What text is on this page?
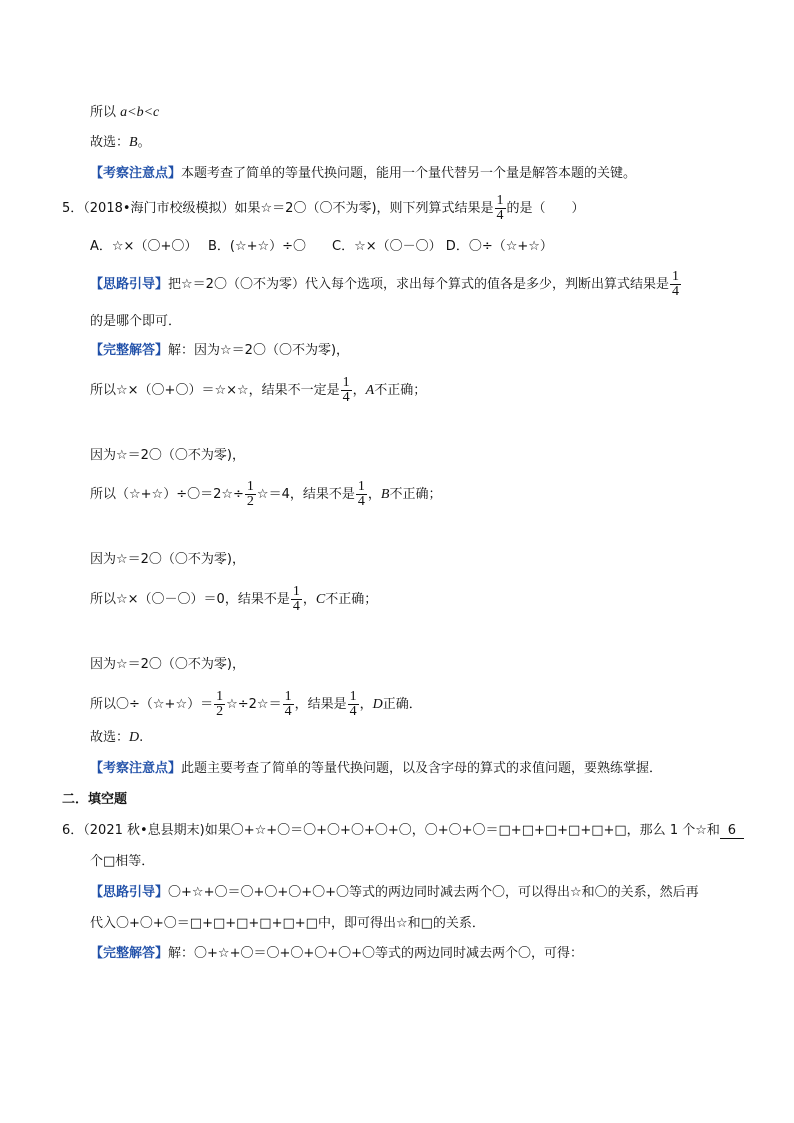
所以 a<b<c
故选：B。
【考察注意点】本题考查了简单的等量代换问题，能用一个量代替另一个量是解答本题的关键。
5．（2018•海门市校级模拟）如果☆＝2〇（〇不为零)，则下列算式结果是 $\frac{1}{4}$ 的是（　　）
A．☆×（〇+〇）　 B．(☆+☆）÷〇　　C．☆×（〇－〇） D．〇÷（☆+☆）
【思路引导】把☆＝2〇（〇不为零）代入每个选项，求出每个算式的值各是多少，判断出算式结果是 $\frac{1}{4}$
的是哪个即可．
【完整解答】解：因为☆＝2〇（〇不为零)，
所以☆×（〇+〇）＝☆×☆，结果不一定是 $\frac{1}{4}$ ，A不正确；
因为☆＝2〇（〇不为零)，
所以（☆+☆）÷〇＝2☆÷ $\frac{1}{2}$ ☆＝4，结果不是 $\frac{1}{4}$ ，B不正确；
因为☆＝2〇（〇不为零)，
所以☆×（〇－〇）＝0，结果不是 $\frac{1}{4}$ ，C不正确；
因为☆＝2〇（〇不为零)，
所以〇÷（☆+☆）＝ $\frac{1}{2}$ ☆÷2☆＝ $\frac{1}{4}$ ，结果是 $\frac{1}{4}$ ，D正确．
故选：D.
【考察注意点】此题主要考查了简单的等量代换问题，以及含字母的算式的求值问题，要熟练掌握．
二．填空题
6．（2021 秋•息县期末)如果〇+☆+〇＝〇+〇+〇+〇+〇，〇+〇+〇＝□+□+□+□+□+□，那么 1 个☆和 6
个□相等．
【思路引导】〇+☆+〇＝〇+〇+〇+〇+〇等式的两边同时减去两个〇，可以得出☆和〇的关系，然后再
代入〇+〇+〇＝□+□+□+□+□+□中，即可得出☆和□的关系．
【完整解答】解：〇+☆+〇＝〇+〇+〇+〇+〇等式的两边同时减去两个〇，可得：
